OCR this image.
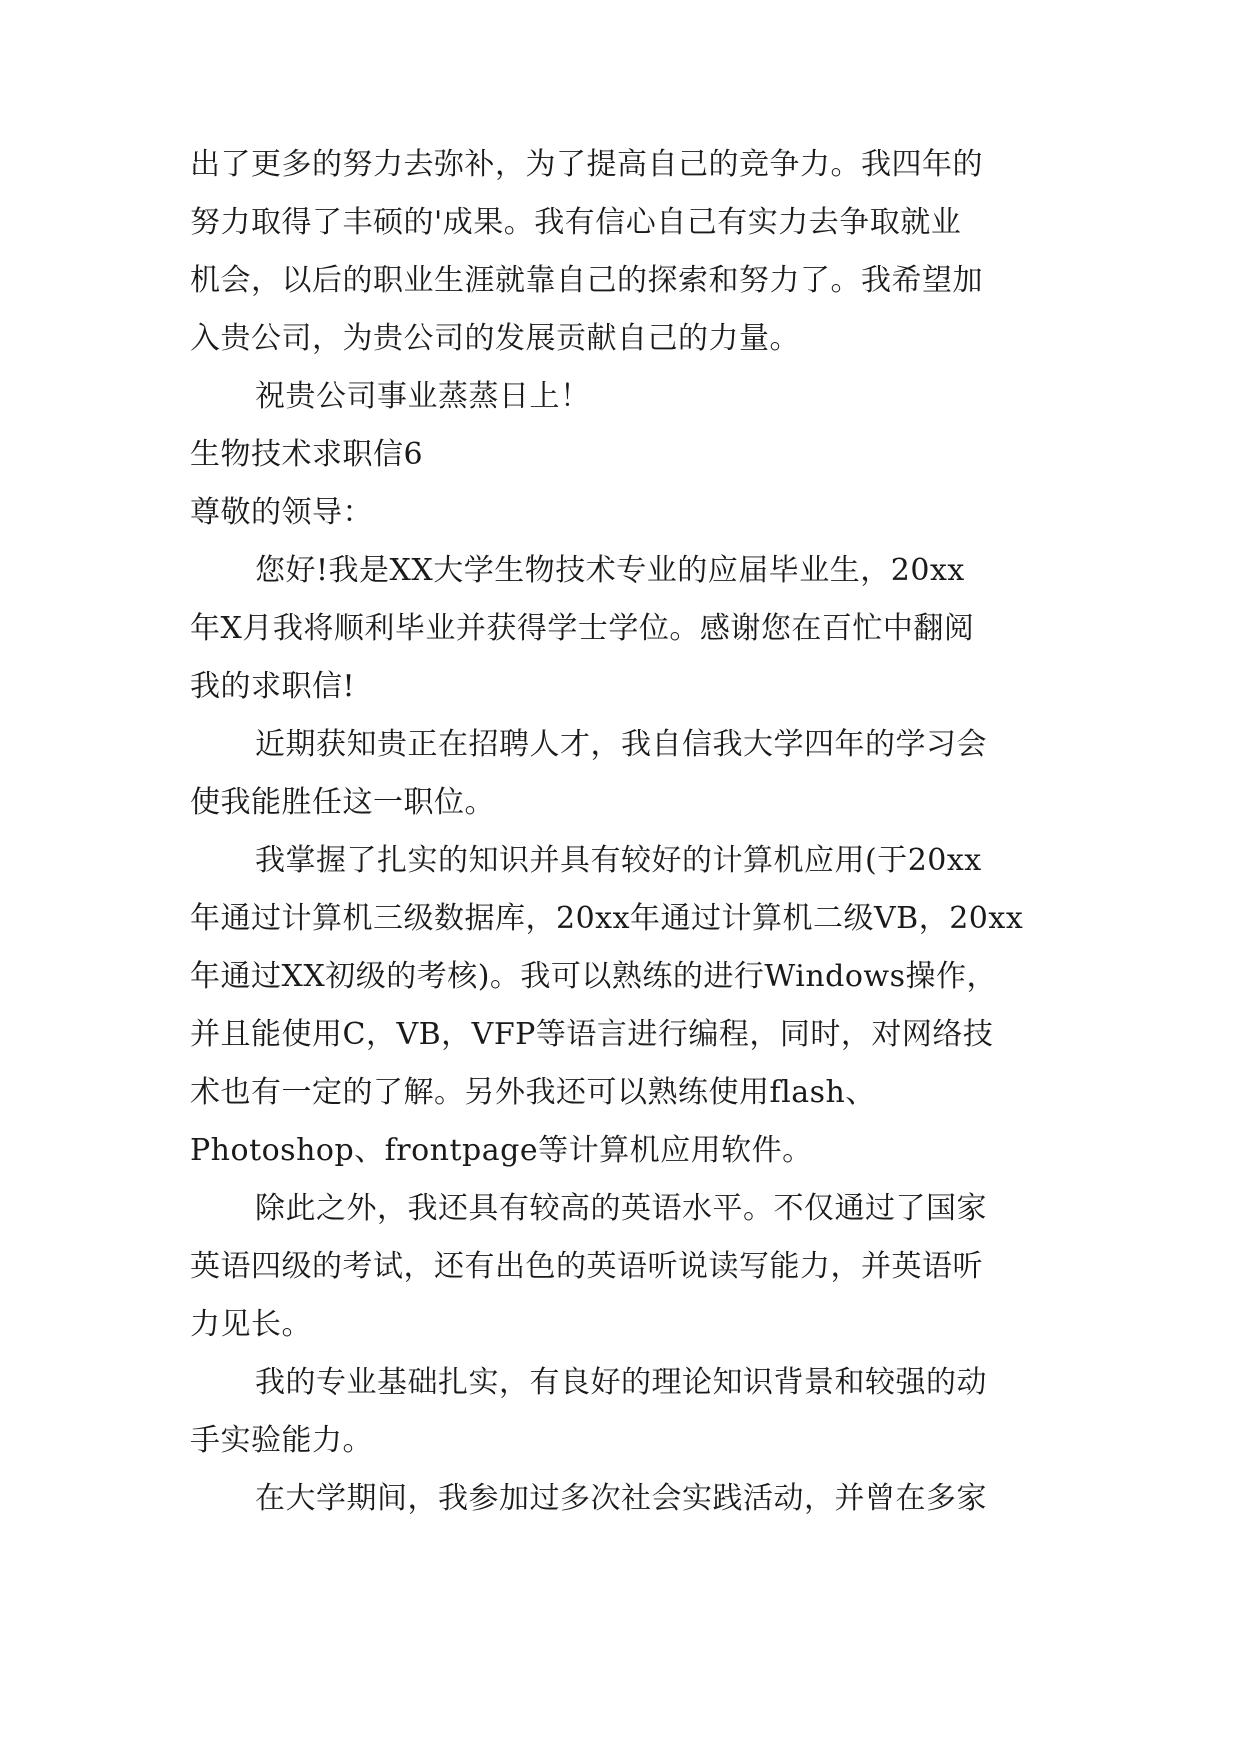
出了更多的努力去弥补，为了提高自己的竞争力。我四年的
努力取得了丰硕的'成果。我有信心自己有实力去争取就业
机会，以后的职业生涯就靠自己的探索和努力了。我希望加
入贵公司，为贵公司的发展贡献自己的力量。
祝贵公司事业蒸蒸日上！
生物技术求职信6
尊敬的领导：
您好!我是XX大学生物技术专业的应届毕业生，20xx
年X月我将顺利毕业并获得学士学位。感谢您在百忙中翻阅
我的求职信!
近期获知贵正在招聘人才，我自信我大学四年的学习会
使我能胜任这一职位。
我掌握了扎实的知识并具有较好的计算机应用(于20xx
年通过计算机三级数据库，20xx年通过计算机二级VB，20xx
年通过XX初级的考核)。我可以熟练的进行Windows操作，
并且能使用C，VB，VFP等语言进行编程，同时，对网络技
术也有一定的了解。另外我还可以熟练使用flash、
Photoshop、frontpage等计算机应用软件。
除此之外，我还具有较高的英语水平。不仅通过了国家
英语四级的考试，还有出色的英语听说读写能力，并英语听
力见长。
我的专业基础扎实，有良好的理论知识背景和较强的动
手实验能力。
在大学期间，我参加过多次社会实践活动，并曾在多家
